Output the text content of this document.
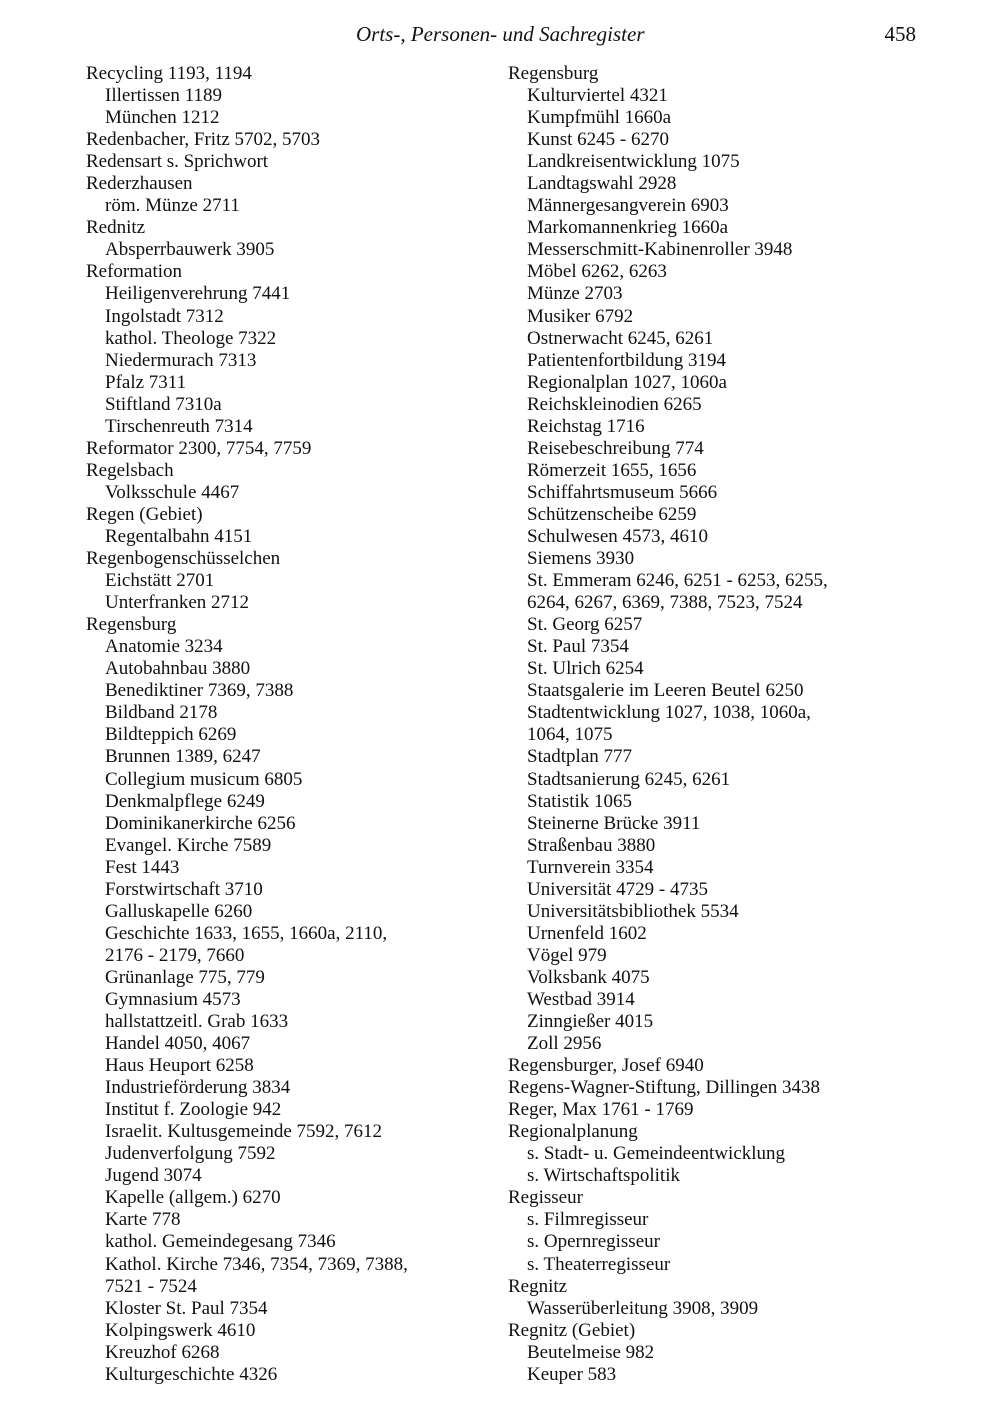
Orts-, Personen- und Sachregister	458
Recycling 1193, 1194
Illertissen 1189
München 1212
Redenbacher, Fritz 5702, 5703
Redensart s. Sprichwort
Rederzhausen
röm. Münze 2711
Rednitz
Absperrbauwerk 3905
Reformation
Heiligenverehrung 7441
Ingolstadt 7312
kathol. Theologe 7322
Niedermurach 7313
Pfalz 7311
Stiftland 7310a
Tirschenreuth 7314
Reformator 2300, 7754, 7759
Regelsbach
Volksschule 4467
Regen (Gebiet)
Regentalbahn 4151
Regenbogenschüsselchen
Eichstätt 2701
Unterfranken 2712
Regensburg
Anatomie 3234
Autobahnbau 3880
Benediktiner 7369, 7388
Bildband 2178
Bildteppich 6269
Brunnen 1389, 6247
Collegium musicum 6805
Denkmalpflege 6249
Dominikanerkirche 6256
Evangel. Kirche 7589
Fest 1443
Forstwirtschaft 3710
Galluskapelle 6260
Geschichte 1633, 1655, 1660a, 2110,
2176 - 2179, 7660
Grünanlage 775, 779
Gymnasium 4573
hallstattzeitl. Grab 1633
Handel 4050, 4067
Haus Heuport 6258
Industrieförderung 3834
Institut f. Zoologie 942
Israelit. Kultusgemeinde 7592, 7612
Judenverfolgung 7592
Jugend 3074
Kapelle (allgem.) 6270
Karte 778
kathol. Gemeindegesang 7346
Kathol. Kirche 7346, 7354, 7369, 7388,
7521 - 7524
Kloster St. Paul 7354
Kolpingswerk 4610
Kreuzhof 6268
Kulturgeschichte 4326
Regensburg
Kulturviertel 4321
Kumpfmühl 1660a
Kunst 6245 - 6270
Landkreisentwicklung 1075
Landtagswahl 2928
Männergesangverein 6903
Markomannenkrieg 1660a
Messerschmitt-Kabinenroller 3948
Möbel 6262, 6263
Münze 2703
Musiker 6792
Ostnerwacht 6245, 6261
Patientenfortbildung 3194
Regionalplan 1027, 1060a
Reichskleinodien 6265
Reichstag 1716
Reisebeschreibung 774
Römerzeit 1655, 1656
Schiffahrtsmuseum 5666
Schützenscheibe 6259
Schulwesen 4573, 4610
Siemens 3930
St. Emmeram 6246, 6251 - 6253, 6255,
6264, 6267, 6369, 7388, 7523, 7524
St. Georg 6257
St. Paul 7354
St. Ulrich 6254
Staatsgalerie im Leeren Beutel 6250
Stadtentwicklung 1027, 1038, 1060a,
1064, 1075
Stadtplan 777
Stadtsanierung 6245, 6261
Statistik 1065
Steinerne Brücke 3911
Straßenbau 3880
Turnverein 3354
Universität 4729 - 4735
Universitätsbibliothek 5534
Urnenfeld 1602
Vögel 979
Volksbank 4075
Westbad 3914
Zinngießer 4015
Zoll 2956
Regensburger, Josef 6940
Regens-Wagner-Stiftung, Dillingen 3438
Reger, Max 1761 - 1769
Regionalplanung
s. Stadt- u. Gemeindeentwicklung
s. Wirtschaftspolitik
Regisseur
s. Filmregisseur
s. Opernregisseur
s. Theaterregisseur
Regnitz
Wasserüberleitung 3908, 3909
Regnitz (Gebiet)
Beutelmeise 982
Keuper 583
